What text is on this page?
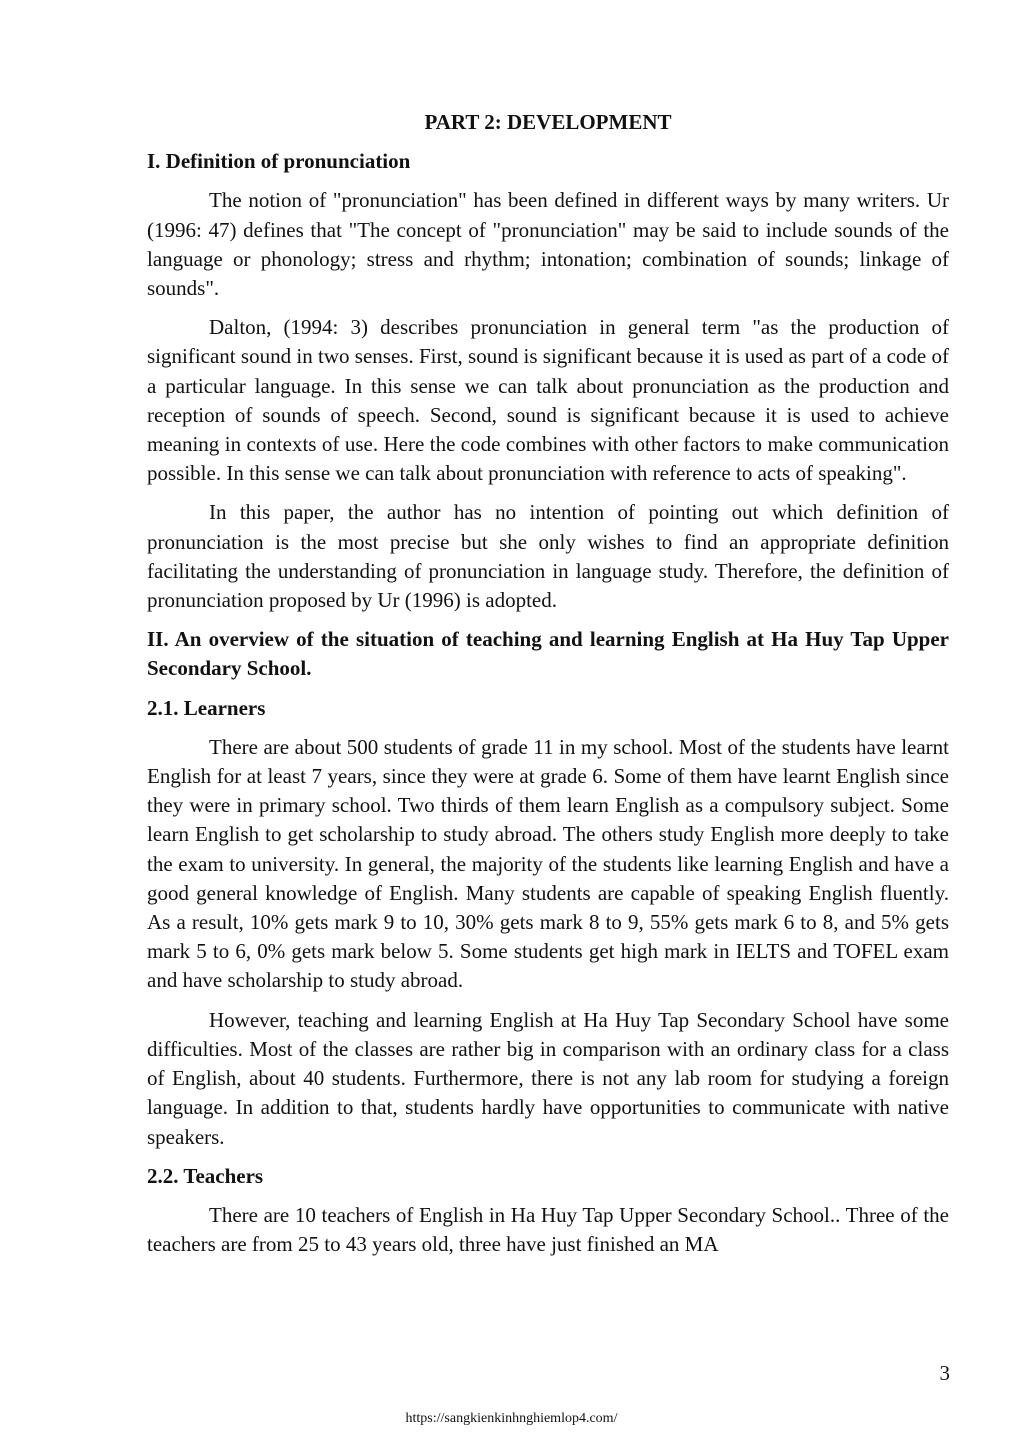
PART 2: DEVELOPMENT
I. Definition of pronunciation

The notion of "pronunciation" has been defined in different ways by many writers. Ur (1996: 47) defines that "The concept of "pronunciation" may be said to include sounds of the language or phonology; stress and rhythm; intonation; combination of sounds; linkage of sounds".

Dalton, (1994: 3) describes pronunciation in general term "as the production of significant sound in two senses. First, sound is significant because it is used as part of a code of a particular language. In this sense we can talk about pronunciation as the production and reception of sounds of speech. Second, sound is significant because it is used to achieve meaning in contexts of use. Here the code combines with other factors to make communication possible. In this sense we can talk about pronunciation with reference to acts of speaking".

In this paper, the author has no intention of pointing out which definition of pronunciation is the most precise but she only wishes to find an appropriate definition facilitating the understanding of pronunciation in language study. Therefore, the definition of pronunciation proposed by Ur (1996) is adopted.

II. An overview of the situation of teaching and learning English at Ha Huy Tap Upper Secondary School.
2.1. Learners

There are about 500 students of grade 11 in my school. Most of the students have learnt English for at least 7 years, since they were at grade 6. Some of them have learnt English since they were in primary school. Two thirds of them learn English as a compulsory subject. Some learn English to get scholarship to study abroad. The others study English more deeply to take the exam to university. In general, the majority of the students like learning English and have a good general knowledge of English. Many students are capable of speaking English fluently. As a result, 10% gets mark 9 to 10, 30% gets mark 8 to 9, 55% gets mark 6 to 8, and 5% gets mark 5 to 6, 0% gets mark below 5. Some students get high mark in IELTS and TOFEL exam and have scholarship to study abroad.

However, teaching and learning English at Ha Huy Tap Secondary School have some difficulties. Most of the classes are rather big in comparison with an ordinary class for a class of English, about 40 students. Furthermore, there is not any lab room for studying a foreign language. In addition to that, students hardly have opportunities to communicate with native speakers.

2.2. Teachers

There are 10 teachers of English in Ha Huy Tap Upper Secondary School.. Three of the teachers are from 25 to 43 years old, three have just finished an MA

3
https://sangkienkinhnghiemlop4.com/
